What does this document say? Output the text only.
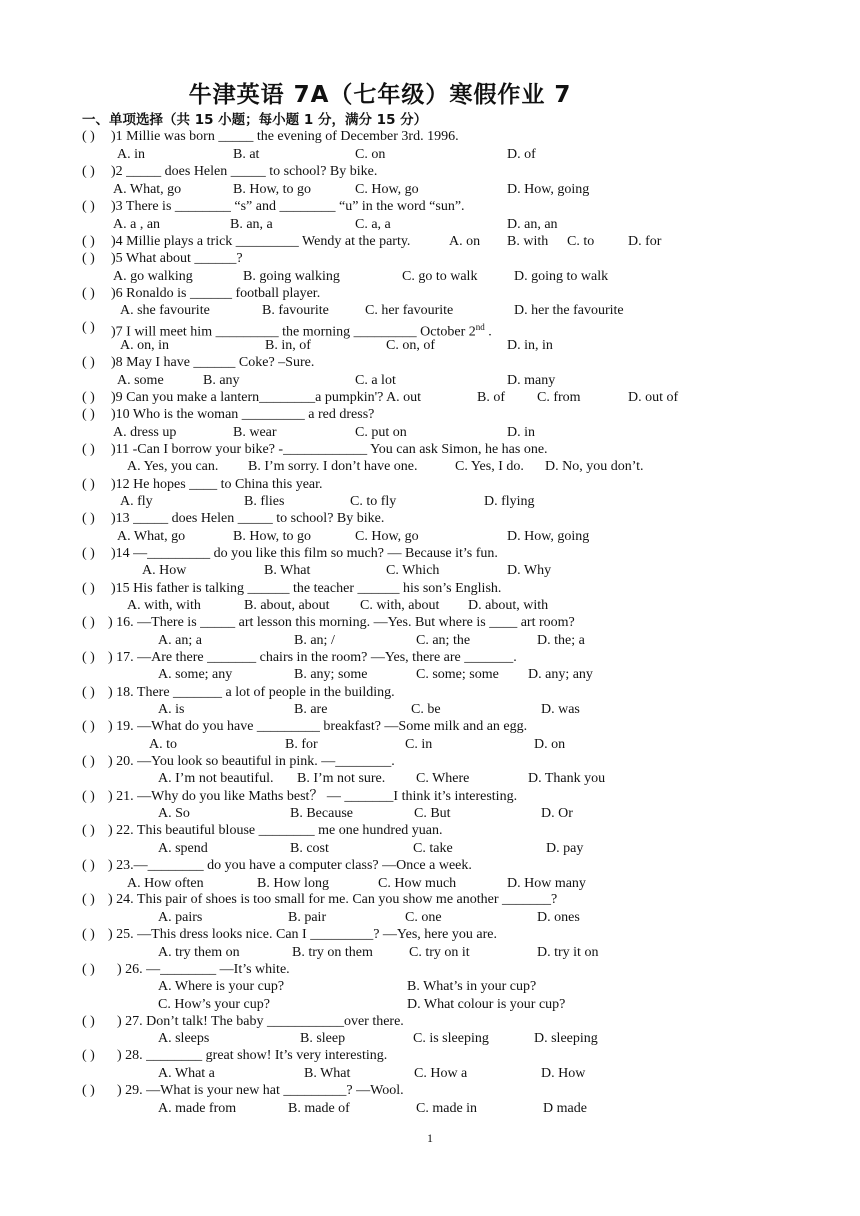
牛津英语 7A（七年级）寒假作业 7
一、单项选择（共 15 小题；每小题 1 分，满分 15 分）
( ) )1 Millie was born _____ the evening of December 3rd. 1996.
A. in	B. at	C. on	D. of
( ) )2 _____ does Helen _____ to school? By bike.
A. What, go	B. How, to go	C. How, go	D. How, going
( ) )3 There is ________ “s” and ________ “u” in the word “sun”.
A. a , an	B. an, a	C. a, a	D. an, an
( ) )4 Millie plays a trick _________ Wendy at the party.	A. on B. with C. to D. for
( ) )5 What about ______?
A. go walking	B. going walking	C. go to walk	D. going to walk
( ) )6 Ronaldo is ______ football player.
A. she favourite	B. favourite	C. her favourite	D. her the favourite
( ) )7 I will meet him _________ the morning _________ October 2nd .
A. on, in	B. in, of	C. on, of	D. in, in
( ) )8 May I have ______ Coke? –Sure.
A. some	B. any	C. a lot	D. many
( ) )9 Can you make a lantern________a pumpkin'? A. out	B. of C. from	D. out of
( ) )10 Who is the woman _________ a red dress?
A. dress up	B. wear	C. put on	D. in
( ) )11 -Can I borrow your bike? -____________ You can ask Simon, he has one.
A. Yes, you can. B. I’m sorry. I don’t have one.	C. Yes, I do. D. No, you don’t.
( ) )12 He hopes ____ to China this year.
A. fly	B. flies	C. to fly	D. flying
( ) )13 _____ does Helen _____ to school? By bike.
A. What, go	B. How, to go	C. How, go	D. How, going
( ) )14 —_________ do you like this film so much? — Because it’s fun.
A. How	B. What	C. Which	D. Why
( ) )15 His father is talking ______ the teacher ______ his son’s English.
A. with, with	B. about, about C. with, about D. about, with
( ) ) 16. —There is _____ art lesson this morning. —Yes. But where is ____ art room?
A. an; a	B. an; /	C. an; the	D. the; a
( ) ) 17. —Are there _______ chairs in the room? —Yes, there are _______.
A. some; any	B. any; some	C. some; some D. any; any
( ) ) 18. There _______ a lot of people in the building.
A. is	B. are	C. be	D. was
( ) ) 19. —What do you have _________ breakfast? —Some milk and an egg.
A. to	B. for	C. in	D. on
( ) ) 20. —You look so beautiful in pink. —________.
A. I’m not beautiful. B. I’m not sure. C. Where	D. Thank you
( ) ) 21. —Why do you like Maths best？ — _______I think it’s interesting.
A. So	B. Because	C. But	D. Or
( ) ) 22. This beautiful blouse ________ me one hundred yuan.
A. spend	B. cost	C. take	D. pay
( ) ) 23.—________ do you have a computer class? —Once a week.
A. How often	B. How long	C. How much	D. How many
( ) ) 24. This pair of shoes is too small for me. Can you show me another _______?
A. pairs	B. pair	C. one	D. ones
( ) ) 25. —This dress looks nice. Can I _________? —Yes, here you are.
A. try them on	B. try on them	C. try on it	D. try it on
( ) ) 26. —________ —It’s white.
A. Where is your cup?	B. What’s in your cup?
C. How’s your cup?	D. What colour is your cup?
( ) ) 27. Don’t talk! The baby ___________over there.
A. sleeps	B. sleep	C. is sleeping	D. sleeping
( ) ) 28. ________ great show! It’s very interesting.
A. What a	B. What	C. How a	D. How
( ) ) 29. —What is your new hat _________? —Wool.
A. made from	B. made of	C. made in	D made
1
